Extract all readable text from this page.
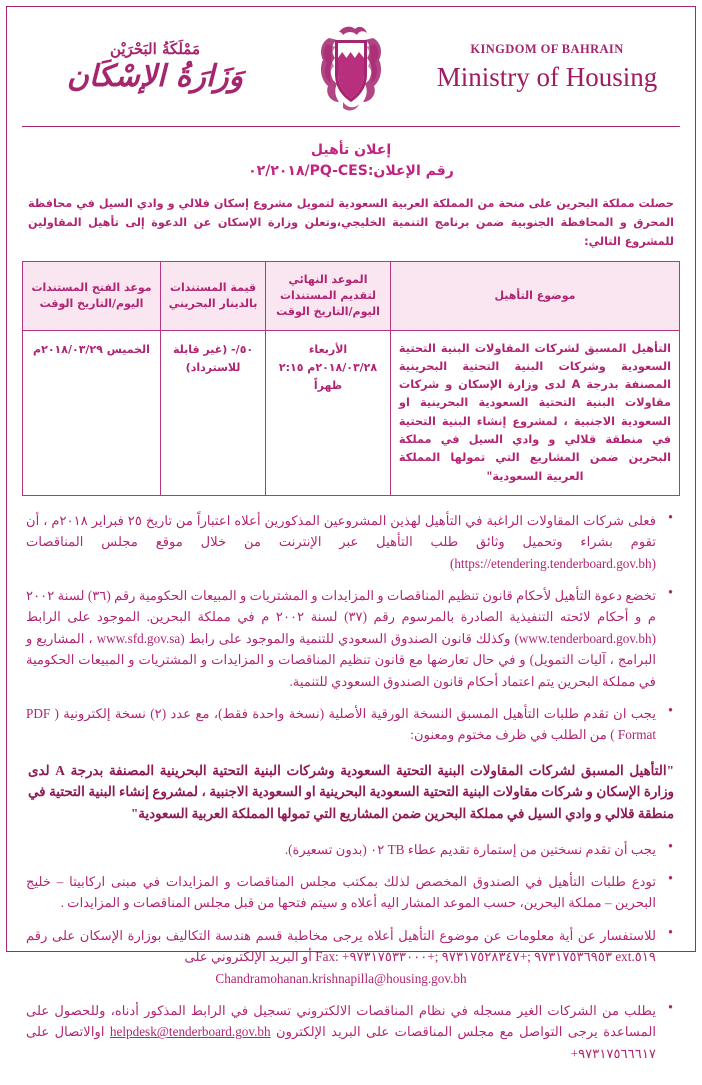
مَمْلَكَةُ البَحْرَيْن
وَزَارَةُ الإسْكَان
KINGDOM OF BAHRAIN
Ministry of Housing
إعلان تأهيل
رقم الإعلان:PQ-CES/٠٢/٢٠١٨
حصلت مملكة البحرين على منحة من المملكة العربية السعودية لتمويل مشروع إسكان فلالي و وادي السيل في محافظة المحرق و المحافظة الجنوبية ضمن برنامج التنمية الخليجي،وتعلن وزارة الإسكان عن الدعوة إلى تأهيل المقاولين للمشروع التالي:
موضوع التأهيل	الموعد النهائي لتقديم المستندات اليوم/التاريخ الوقت	قيمة المستندات بالدينار البحريني	موعد الفتح المستندات اليوم/التاريخ الوقت
التأهيل المسبق لشركات المقاولات البنية التحتية السعودية وشركات البنية التحتية البحرينية المصنفة بدرجة A لدى وزارة الإسكان و شركات مقاولات البنية التحتية السعودية البحرينية او السعودية الاجنبية ، لمشروع إنشاء البنية التحتية في منطقة قلالي و وادي السيل في مملكة البحرين ضمن المشاريع التي تمولها المملكة العربية السعودية"	الأربعاء ٢٠١٨/٠٣/٢٨م ٢:١٥ ظهراً	٥٠/- (غير قابلة للاسترداد)	الخميس ٢٠١٨/٠٣/٢٩م
● فعلى شركات المقاولات الراغبة في التأهيل لهذين المشروعين المذكورين أعلاه اعتباراً من تاريخ ٢٥ فبراير ٢٠١٨م ، أن تقوم بشراء وتحميل وثائق طلب التأهيل عبر الإنترنت من خلال موقع مجلس المناقصات (https://etendering.tenderboard.gov.bh)
● تخضع دعوة التأهيل لأحكام قانون تنظيم المناقصات و المزايدات و المشتريات و المبيعات الحكومية رقم (٣٦) لسنة ٢٠٠٢ م و أحكام لائحته التنفيذية الصادرة بالمرسوم رقم (٣٧) لسنة ٢٠٠٢ م في مملكة البحرين. الموجود على الرابط (www.tenderboard.gov.bh) وكذلك قانون الصندوق السعودي للتنمية والموجود على رابط (www.sfd.gov.sa ، المشاريع و البرامج ، آليات التمويل) و في حال تعارضها مع قانون تنظيم المناقصات و المزايدات و المشتريات و المبيعات الحكومية في مملكة البحرين يتم اعتماد أحكام قانون الصندوق السعودي للتنمية.
● يجب ان تقدم طلبات التأهيل المسبق النسخة الورقية الأصلية (نسخة واحدة فقط)، مع عدد (٢) نسخة إلكترونية ( PDF Format ) من الطلب في ظرف مختوم ومعنون:
"التأهيل المسبق لشركات المقاولات البنية التحتية السعودية وشركات البنية التحتية البحرينية المصنفة بدرجة A لدى وزارة الإسكان و شركات مقاولات البنية التحتية السعودية البحرينية او السعودية الاجنبية ، لمشروع إنشاء البنية التحتية في منطقة قلالي و وادي السيل في مملكة البحرين ضمن المشاريع التي تمولها المملكة العربية السعودية"
● يجب أن تقدم نسختين من إستمارة تقديم عطاء TB ٠٢ (بدون تسعيرة).
● تودع طلبات التأهيل في الصندوق المخصص لذلك بمكتب مجلس المناقصات و المزايدات في مبنى اركابيتا – خليج البحرين – مملكة البحرين، حسب الموعد المشار اليه أعلاه و سيتم فتحها من قبل مجلس المناقصات و المزايدات .
● للاستفسار عن أية معلومات عن موضوع التأهيل أعلاه يرجى مخاطبة قسم هندسة التكاليف بوزارة الإسكان على رقم +٩٧٣١٧٥٣٦٩٥٣ ;+٩٧٣١٧٥٢٨٣٤٧ ;+٩٧٣١٧٥٣٣٠٠٠ ext.٥١٩ Fax: أو البريد الإلكتروني على
Chandramohanan.krishnapilla@housing.gov.bh
● يطلب من الشركات الغير مسجله في نظام المناقصات الالكتروني تسجيل في الرابط المذكور أدناه، وللحصول على المساعدة يرجى التواصل مع مجلس المناقصات على البريد الإلكترون helpdesk@tenderboard.gov.bh اوالاتصال على +٩٧٣١٧٥٦٦٦١٧
